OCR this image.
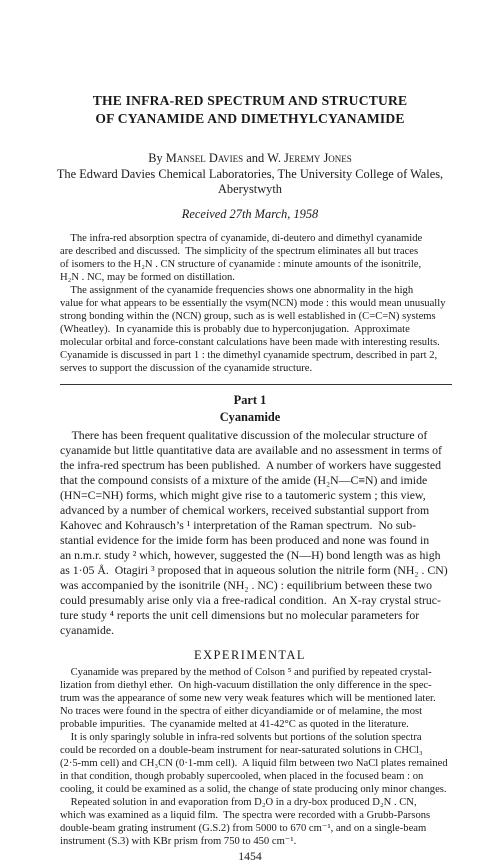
THE INFRA-RED SPECTRUM AND STRUCTURE
OF CYANAMIDE AND DIMETHYLCYANAMIDE
By Mansel Davies and W. Jeremy Jones
The Edward Davies Chemical Laboratories, The University College of Wales,
Aberystwyth
Received 27th March, 1958
The infra-red absorption spectra of cyanamide, di-deutero and dimethyl cyanamide
are described and discussed.  The simplicity of the spectrum eliminates all but traces
of isomers to the H₂N . CN structure of cyanamide : minute amounts of the isonitrile,
H₂N . NC, may be formed on distillation.
The assignment of the cyanamide frequencies shows one abnormality in the high
value for what appears to be essentially the νsym(NCN) mode : this would mean unusually
strong bonding within the (NCN) group, such as is well established in (C=C=N) systems
(Wheatley).  In cyanamide this is probably due to hyperconjugation.  Approximate
molecular orbital and force-constant calculations have been made with interesting results.
Cyanamide is discussed in part 1 : the dimethyl cyanamide spectrum, described in part 2,
serves to support the discussion of the cyanamide structure.
Part 1
Cyanamide
There has been frequent qualitative discussion of the molecular structure of
cyanamide but little quantitative data are available and no assessment in terms of
the infra-red spectrum has been published.  A number of workers have suggested
that the compound consists of a mixture of the amide (H₂N—C≡N) and imide
(HN=C=NH) forms, which might give rise to a tautomeric system ; this view,
advanced by a number of chemical workers, received substantial support from
Kahovec and Kohrausch’s ¹ interpretation of the Raman spectrum.  No sub-
stantial evidence for the imide form has been produced and none was found in
an n.m.r. study ² which, however, suggested the (N—H) bond length was as high
as 1·05 Å.  Otagiri ³ proposed that in aqueous solution the nitrile form (NH₂ . CN)
was accompanied by the isonitrile (NH₂ . NC) : equilibrium between these two
could presumably arise only via a free-radical condition.  An X-ray crystal struc-
ture study ⁴ reports the unit cell dimensions but no molecular parameters for
cyanamide.
EXPERIMENTAL
Cyanamide was prepared by the method of Colson ⁵ and purified by repeated crystal-
lization from diethyl ether.  On high-vacuum distillation the only difference in the spec-
trum was the appearance of some new very weak features which will be mentioned later.
No traces were found in the spectra of either dicyandiamide or of melamine, the most
probable impurities.  The cyanamide melted at 41-42°C as quoted in the literature.
It is only sparingly soluble in infra-red solvents but portions of the solution spectra
could be recorded on a double-beam instrument for near-saturated solutions in CHCl₃
(2·5-mm cell) and CH₃CN (0·1-mm cell).  A liquid film between two NaCl plates remained
in that condition, though probably supercooled, when placed in the focused beam : on
cooling, it could be examined as a solid, the change of state producing only minor changes.
Repeated solution in and evaporation from D₂O in a dry-box produced D₂N . CN,
which was examined as a liquid film.  The spectra were recorded with a Grubb-Parsons
double-beam grating instrument (G.S.2) from 5000 to 670 cm⁻¹, and on a single-beam
instrument (S.3) with KBr prism from 750 to 450 cm⁻¹.
1454
